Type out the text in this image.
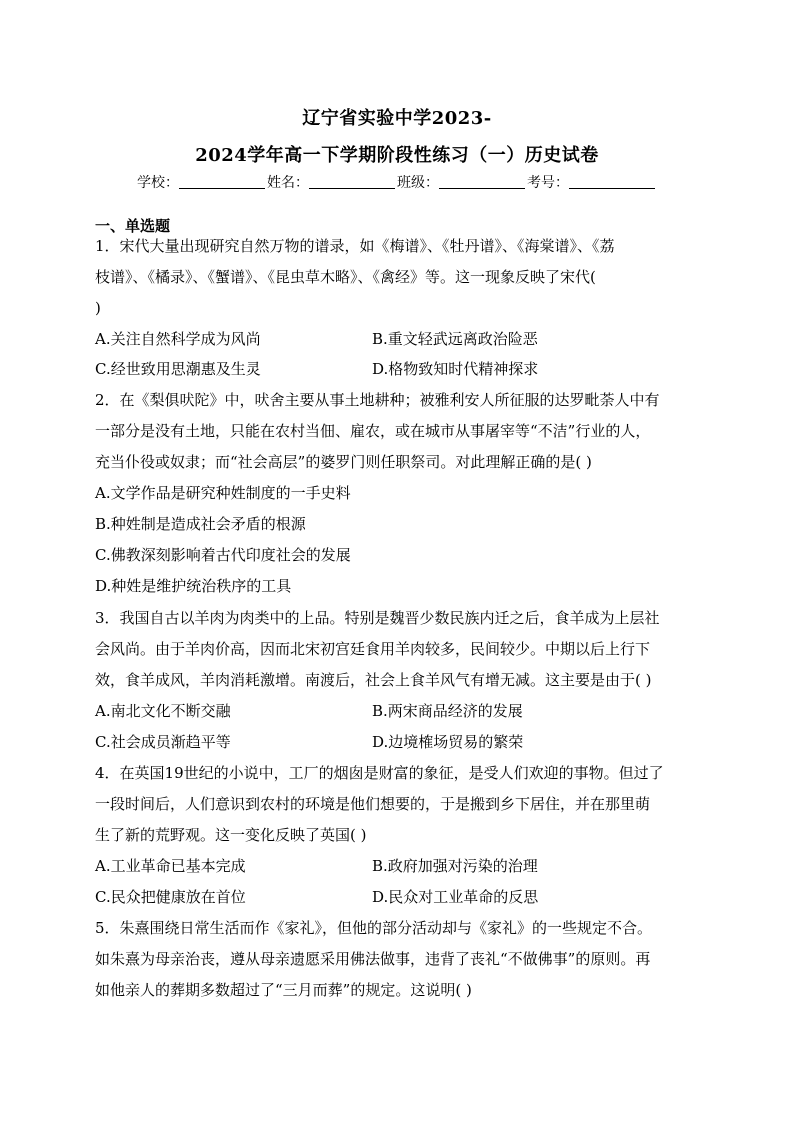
辽宁省实验中学2023-
2024学年高一下学期阶段性练习（一）历史试卷
学校：	姓名：	班级：	考号：
一、单选题
1．宋代大量出现研究自然万物的谱录，如《梅谱》、《牡丹谱》、《海棠谱》、《荔
枝谱》、《橘录》、《蟹谱》、《昆虫草木略》、《禽经》等。这一现象反映了宋代(
)
A.关注自然科学成为风尚	B.重文轻武远离政治险恶
C.经世致用思潮惠及生灵	D.格物致知时代精神探求
2．在《梨俱吠陀》中，吠舍主要从事土地耕种；被雅利安人所征服的达罗毗荼人中有
一部分是没有土地，只能在农村当佃、雇农，或在城市从事屠宰等“不洁”行业的人，
充当仆役或奴隶；而“社会高层”的婆罗门则任职祭司。对此理解正确的是( )
A.文学作品是研究种姓制度的一手史料
B.种姓制是造成社会矛盾的根源
C.佛教深刻影响着古代印度社会的发展
D.种姓是维护统治秩序的工具
3．我国自古以羊肉为肉类中的上品。特别是魏晋少数民族内迁之后，食羊成为上层社
会风尚。由于羊肉价高，因而北宋初宫廷食用羊肉较多，民间较少。中期以后上行下
效，食羊成风，羊肉消耗激增。南渡后，社会上食羊风气有增无减。这主要是由于( )
A.南北文化不断交融	B.两宋商品经济的发展
C.社会成员渐趋平等	D.边境榷场贸易的繁荣
4．在英国19世纪的小说中，工厂的烟囱是财富的象征，是受人们欢迎的事物。但过了
一段时间后，人们意识到农村的环境是他们想要的，于是搬到乡下居住，并在那里萌
生了新的荒野观。这一变化反映了英国( )
A.工业革命已基本完成	B.政府加强对污染的治理
C.民众把健康放在首位	D.民众对工业革命的反思
5．朱熹围绕日常生活而作《家礼》，但他的部分活动却与《家礼》的一些规定不合。
如朱熹为母亲治丧，遵从母亲遗愿采用佛法做事，违背了丧礼“不做佛事”的原则。再
如他亲人的葬期多数超过了“三月而葬”的规定。这说明( )
